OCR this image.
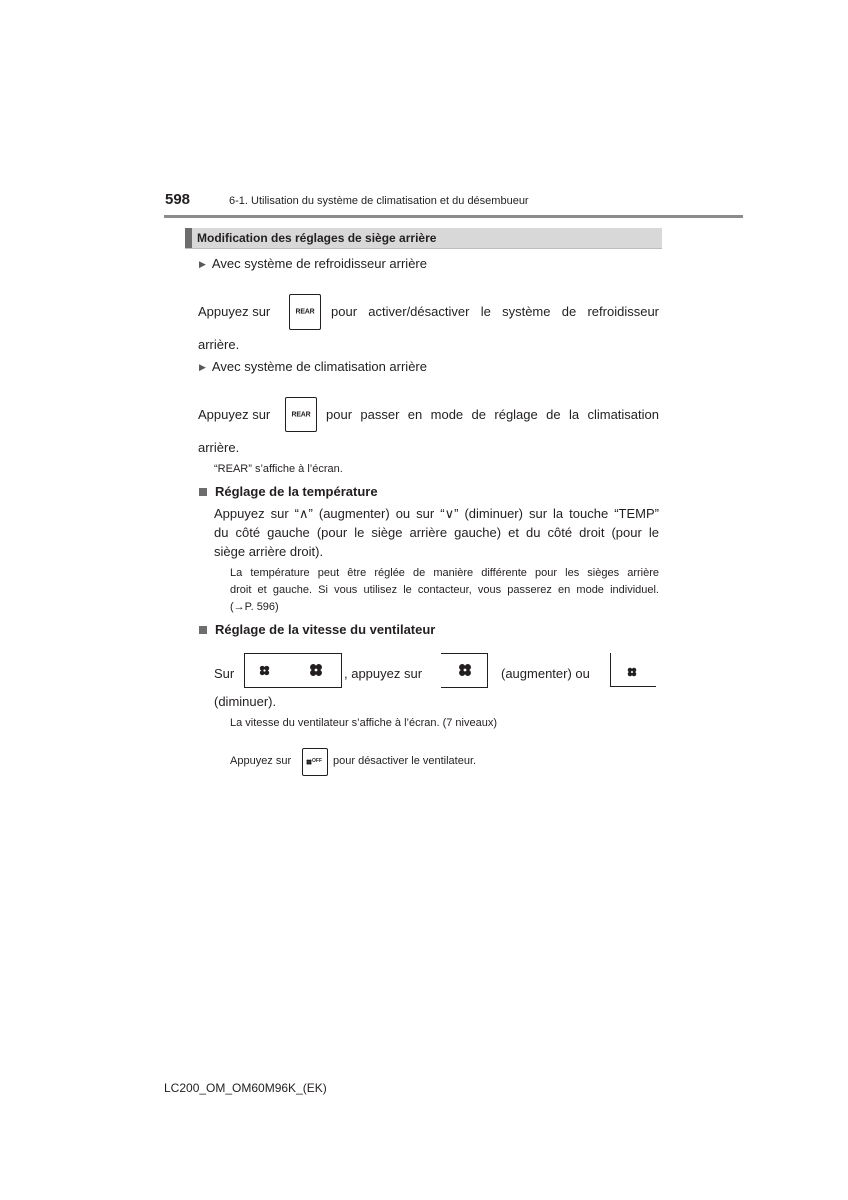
598	6-1. Utilisation du système de climatisation et du désembueur
Modification des réglages de siège arrière
▶ Avec système de refroidisseur arrière
Appuyez sur	REAR	pour activer/désactiver le système de refroidisseur
arrière.
▶ Avec système de climatisation arrière
Appuyez sur	REAR	pour passer en mode de réglage de la climatisation
arrière.
“REAR” s’affiche à l’écran.
Réglage de la température
Appuyez sur “∧” (augmenter) ou sur “∨” (diminuer) sur la touche “TEMP”
du côté gauche (pour le siège arrière gauche) et du côté droit (pour le
siège arrière droit).
La température peut être réglée de manière différente pour les sièges arrière
droit et gauche. Si vous utilisez le contacteur, vous passerez en mode individuel.
(→P. 596)
Réglage de la vitesse du ventilateur
Sur	, appuyez sur	(augmenter) ou
(diminuer).
La vitesse du ventilateur s’affiche à l’écran. (7 niveaux)
Appuyez sur	OFF pour désactiver le ventilateur.
LC200_OM_OM60M96K_(EK)
